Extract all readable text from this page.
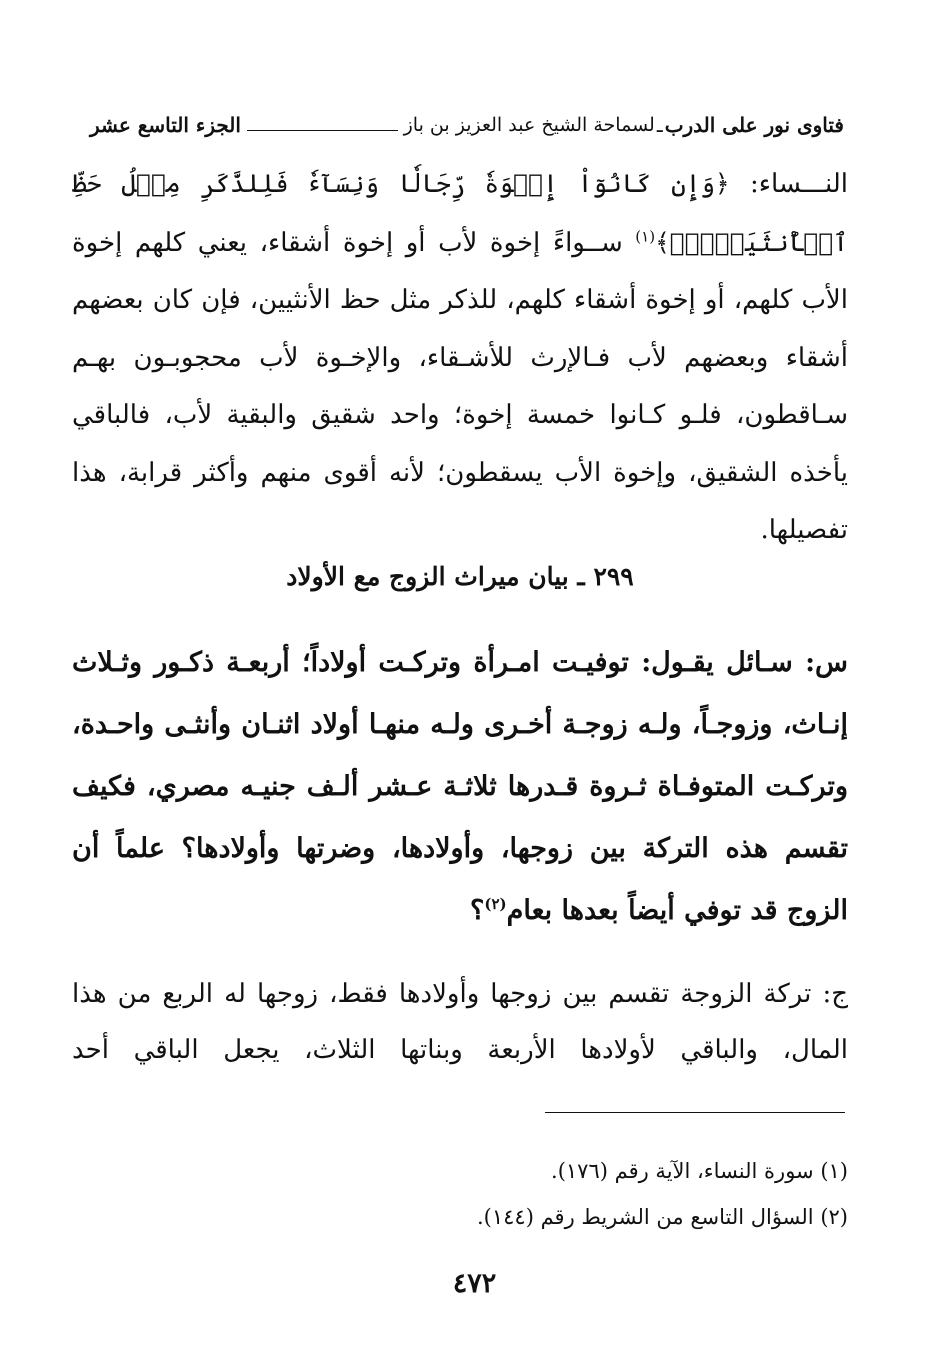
فتاوى نور على الدرب
ـ
لسماحة الشيخ عبد العزيز بن باز
الجزء التاسع عشر

النـــساء: ﴿وَإِن كَانُوٓاْ إِخۡوَةٗ رِّجَالٗا وَنِسَآءٗ فَلِلذَّكَرِ مِثۡلُ حَظِّ ٱلۡأُنثَيَيۡنِۗ﴾$^{(١)}$ ســواءً إخوة لأب أو إخوة أشقاء، يعني كلهم إخوة الأب كلهم، أو إخوة أشقاء كلهم، للذكر مثل حظ الأنثيين، فإن كان بعضهم أشقاء وبعضهم لأب فـالإرث للأشـقاء، والإخـوة لأب محجوبـون بهـم سـاقطون، فلـو كـانوا خمسة إخوة؛ واحد شقيق والبقية لأب، فالباقي يأخذه الشقيق، وإخوة الأب يسقطون؛ لأنه أقوى منهم وأكثر قرابة، هذا تفصيلها.

٢٩٩ ـ بيان ميراث الزوج مع الأولاد
س: سـائل يقـول: توفيـت امـرأة وتركـت أولاداً؛ أربعـة ذكـور وثـلاث إنـاث، وزوجـاً، ولـه زوجـة أخـرى ولـه منهـا أولاد اثنـان وأنثـى واحـدة، وتركـت المتوفـاة ثـروة قـدرها ثلاثـة عـشر ألـف جنيـه مصري، فكيف تقسم هذه التركة بين زوجها، وأولادها، وضرتها وأولادها؟ علماً أن الزوج قد توفي أيضاً بعدها بعام$^{(٢)}$؟
ج: تركة الزوجة تقسم بين زوجها وأولادها فقط، زوجها له الربع من هذا المال، والباقي لأولادها الأربعة وبناتها الثلاث، يجعل الباقي أحد
(١) سورة النساء، الآية رقم (١٧٦).
(٢) السؤال التاسع من الشريط رقم (١٤٤).
٤٧٢
